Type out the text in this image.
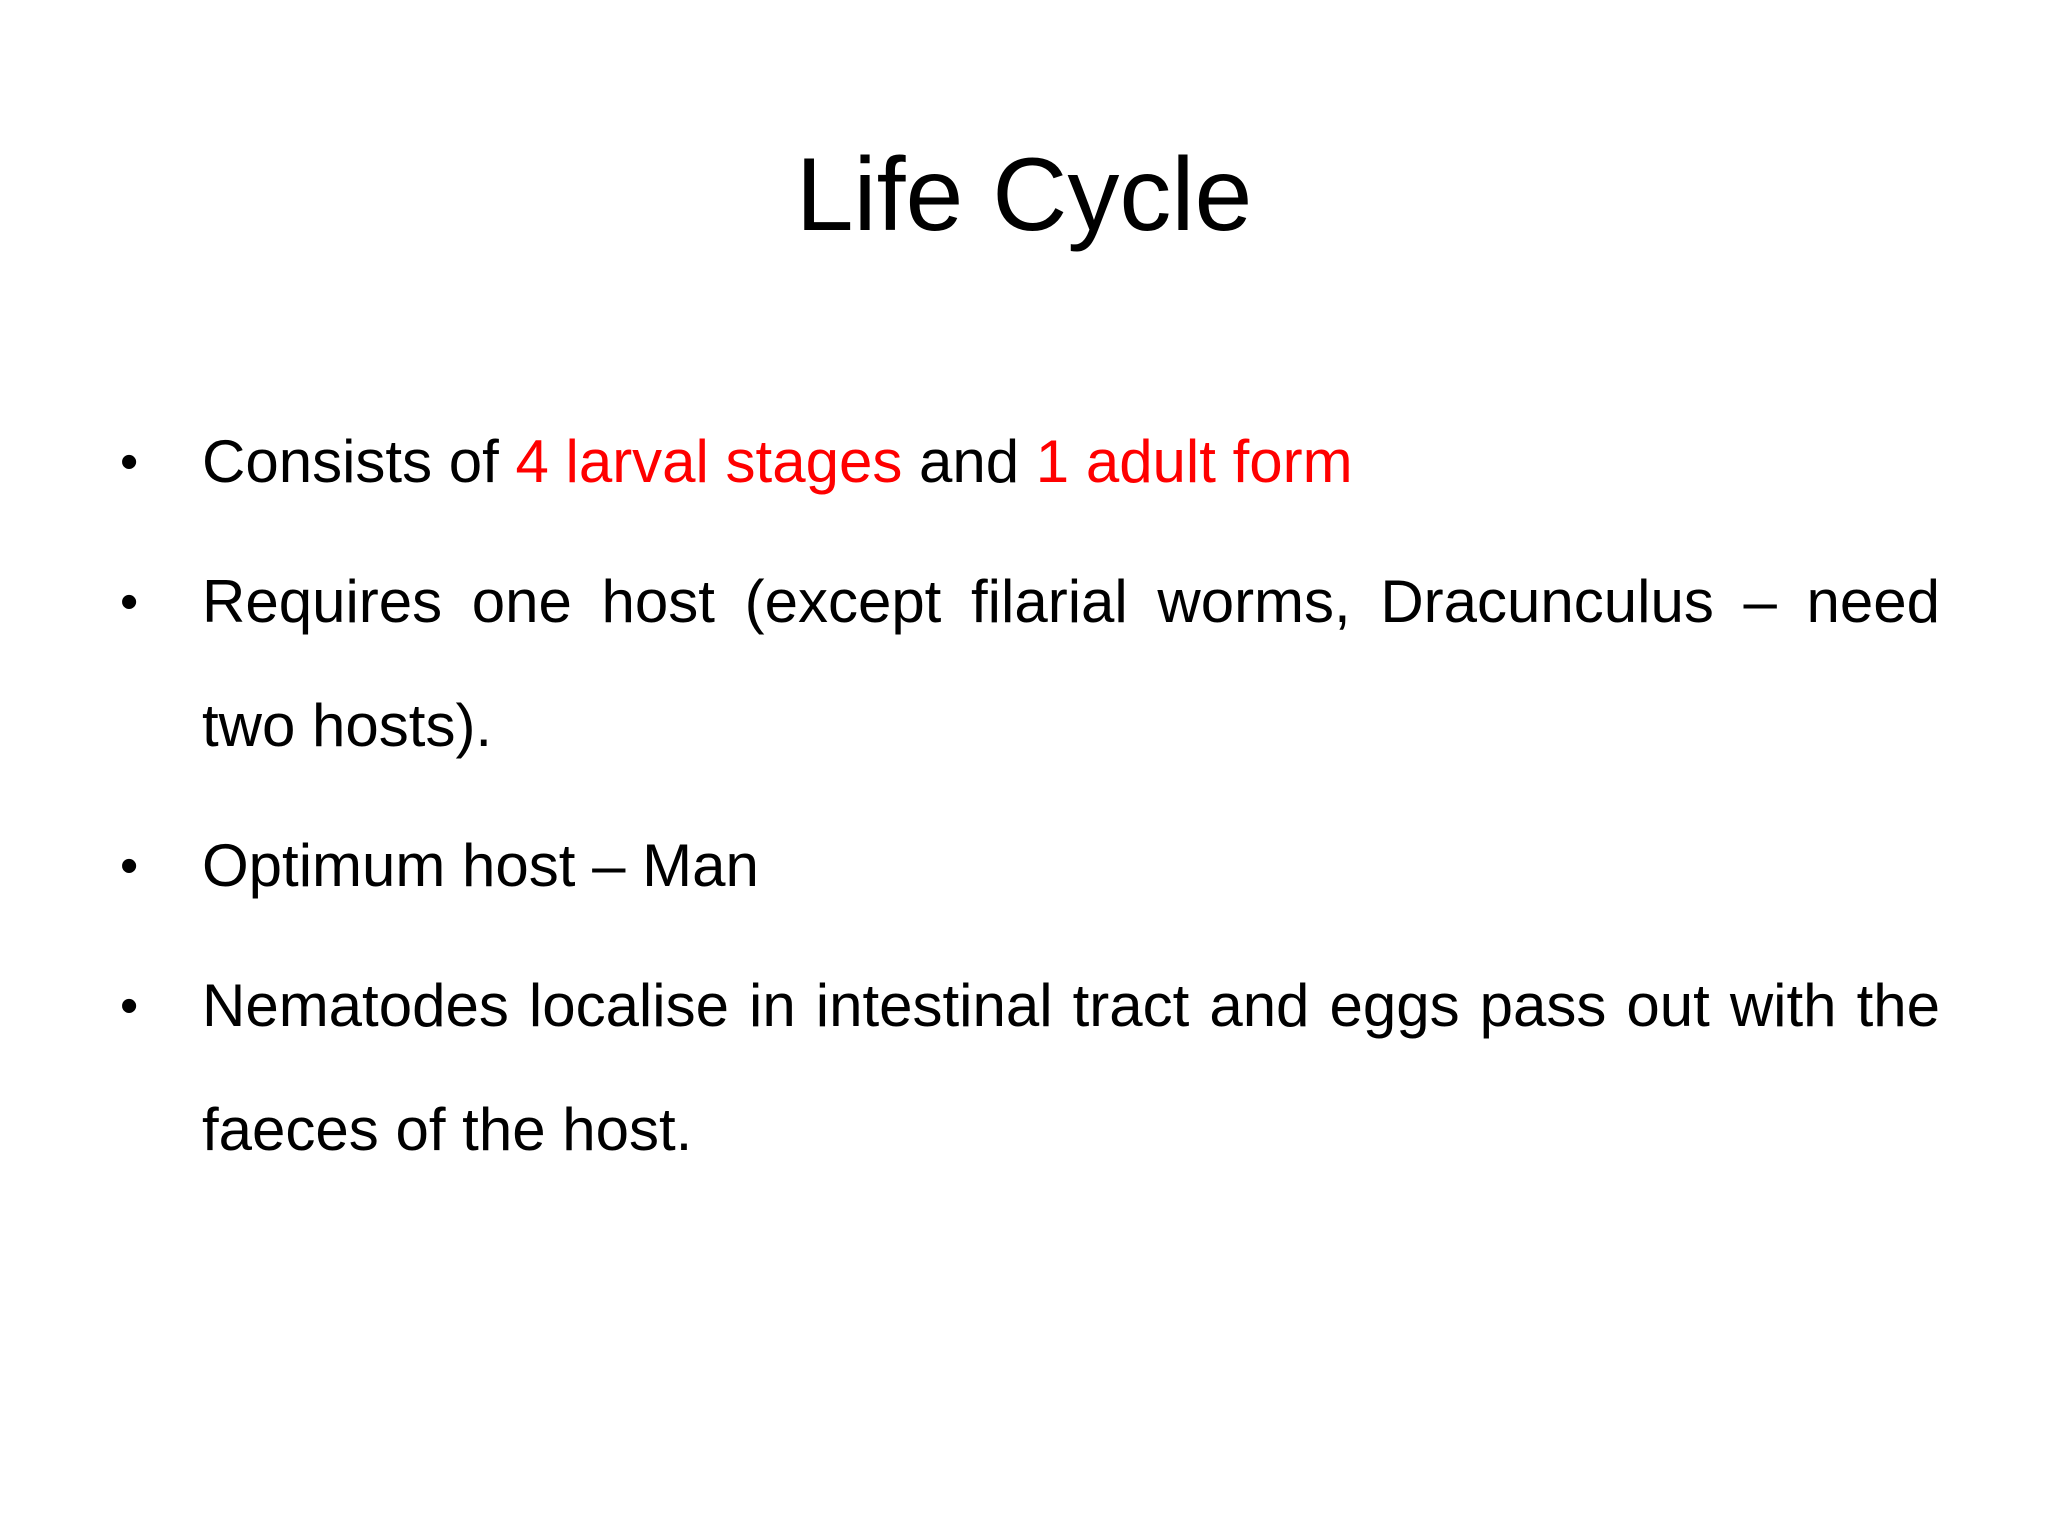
Life Cycle
•	Consists of 4 larval stages and 1 adult form
•	Requires one host (except filarial worms, Dracunculus – need two hosts).
•	Optimum host – Man
•	Nematodes localise in intestinal tract and eggs pass out with the faeces of the host.
